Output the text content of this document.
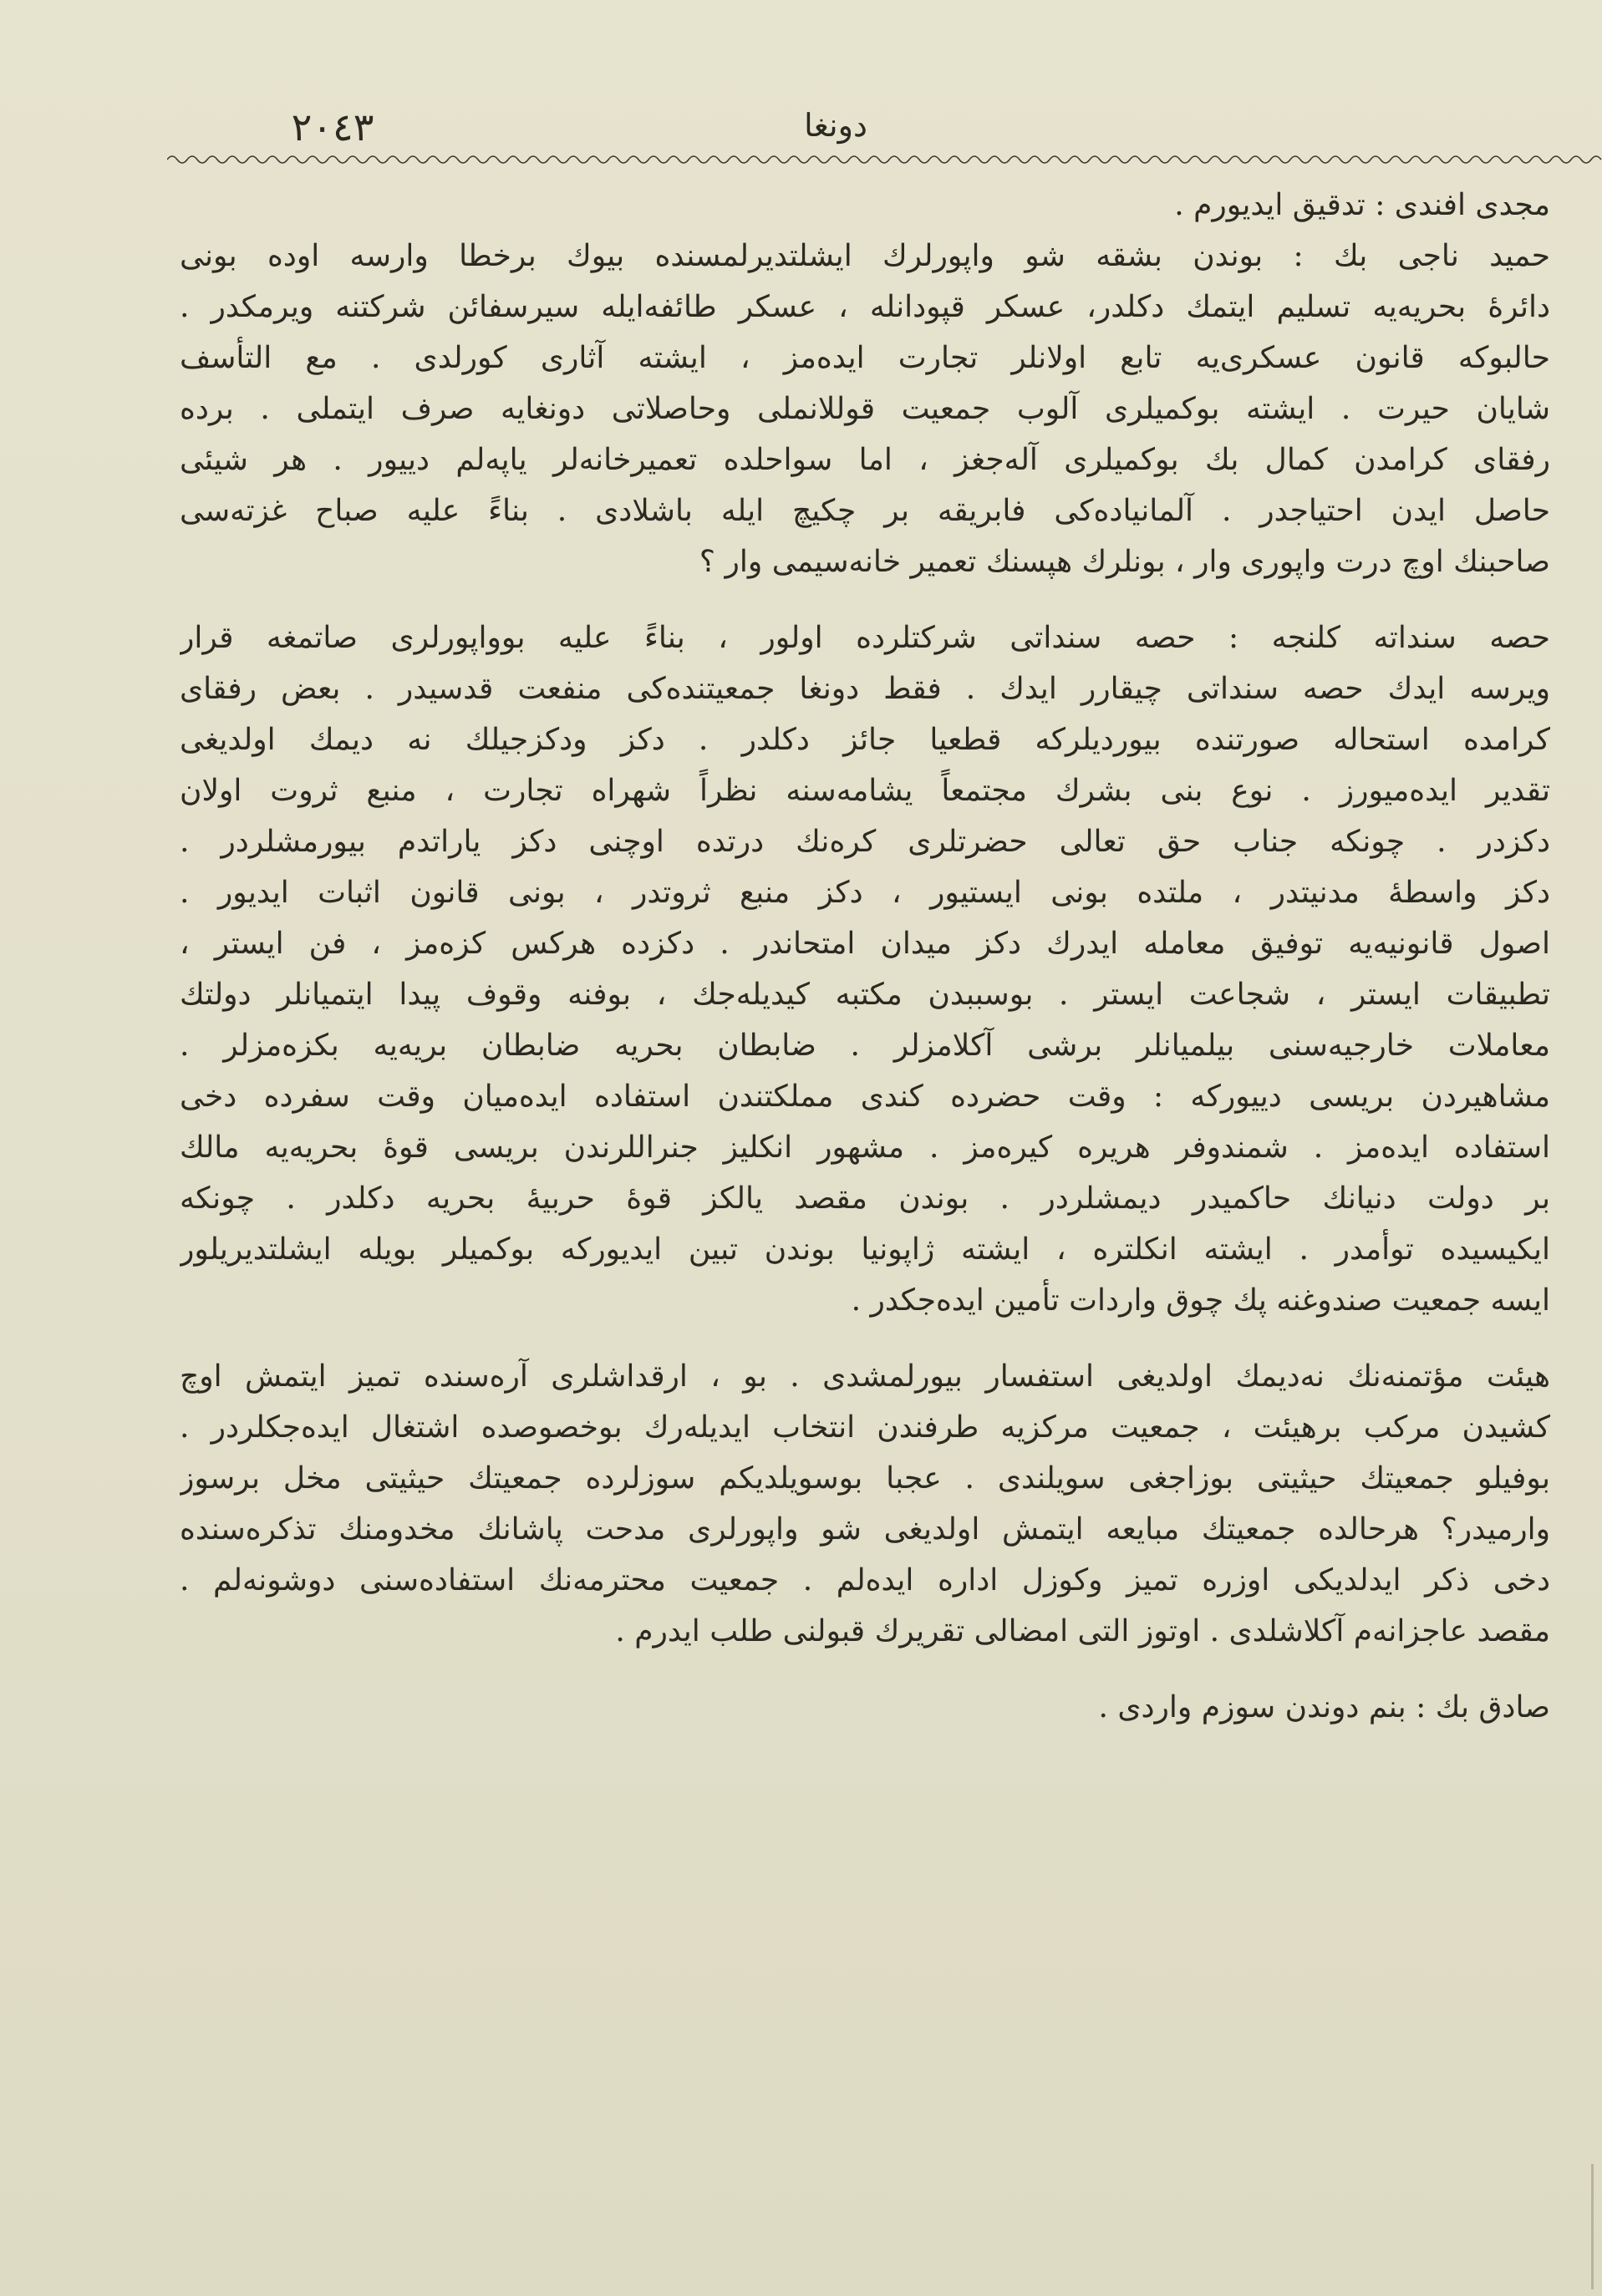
٢٠٤٣	دونغا
مجدی افندی : تدقیق ایدیورم .
حمید ناجی بك : بوندن بشقه شو واپورلرك ایشلتدیرلمسنده بیوك برخطا وارسه اوده بونی
دائرهٔ بحریه‌یه تسلیم ایتمك دکلدر، عسکر قپودانله ، عسکر طائفه‌ایله سیرسفائن شرکتنه ویرمکدر .
حالبوکه قانون عسکری‌یه تابع اولانلر تجارت ایده‌مز ، ایشته آثاری کورلدی . مع التأسف
شایان حیرت . ایشته بوکمیلری آلوب جمعیت قوللانملی وحاصلاتی دونغایه صرف ایتملی . برده
رفقای کرامدن کمال بك بوکمیلری آله‌جغز ، اما سواحلده تعمیرخانه‌لر یاپه‌لم دییور . هر شیئی
حاصل ایدن احتیاجدر . آلمانیاده‌کی فابریقه بر چکیچ ایله باشلادی . بناءً علیه صباح غزته‌سی
صاحبنك اوچ درت واپوری وار ، بونلرك هپسنك تعمیر خانه‌سیمی وار ؟
حصه سنداته کلنجه : حصه سنداتی شرکتلرده اولور ، بناءً علیه بوواپورلری صاتمغه قرار
ویرسه ایدك حصه سنداتی چیقارر ایدك . فقط دونغا جمعیتنده‌کی منفعت قدسیدر . بعض رفقای
کرامده استحاله صورتنده بیوردیلرکه قطعیا جائز دکلدر . دکز ودکزجیلك نه دیمك اولدیغی
تقدیر ایده‌میورز . نوع بنی بشرك مجتمعاً یشامه‌سنه نظراً شهراه تجارت ، منبع ثروت اولان
دکزدر . چونکه جناب حق تعالی حضرتلری کره‌نك درتده اوچنی دکز یاراتدم بیورمشلردر .
دکز واسطهٔ مدنیتدر ، ملتده بونی ایستیور ، دکز منبع ثروتدر ، بونی قانون اثبات ایدیور .
اصول قانونیه‌یه توفیق معامله ایدرك دکز میدان امتحاندر . دکزده هرکس کزه‌مز ، فن ایستر ،
تطبیقات ایستر ، شجاعت ایستر . بوسببدن مکتبه کیدیله‌جك ، بوفنه وقوف پیدا ایتمیانلر دولتك
معاملات خارجیه‌سنی بیلمیانلر برشی آکلامزلر . ضابطان بحریه ضابطان بریه‌یه بکزه‌مزلر .
مشاهیردن بریسی دییورکه : وقت حضرده کندی مملکتندن استفاده ایده‌میان وقت سفرده دخی
استفاده ایده‌مز . شمندوفر هریره کیره‌مز . مشهور انکلیز جنراللرندن بریسی قوهٔ بحریه‌یه مالك
بر دولت دنیانك حاکمیدر دیمشلردر . بوندن مقصد یالکز قوهٔ حربیهٔ بحریه دکلدر . چونکه
ایکیسیده توأمدر . ایشته انکلتره ، ایشته ژاپونیا بوندن تبین ایدیورکه بوکمیلر بویله ایشلتدیریلور
ایسه جمعیت صندوغنه پك چوق واردات تأمین ایده‌جکدر .
هیئت مؤتمنه‌نك نه‌دیمك اولدیغی استفسار بیورلمشدی . بو ، ارقداشلری آره‌سنده تمیز ایتمش اوچ
کشیدن مرکب برهیئت ، جمعیت مرکزیه طرفندن انتخاب ایدیله‌رك بوخصوصده اشتغال ایده‌جکلردر .
بوفیلو جمعیتك حیثیتی بوزاجغی سویلندی . عجبا بوسویلدیکم سوزلرده جمعیتك حیثیتی مخل برسوز
وارمیدر؟ هرحالده جمعیتك مبایعه ایتمش اولدیغی شو واپورلری مدحت پاشانك مخدومنك تذکره‌سنده
دخی ذکر ایدلدیکی اوزره تمیز وکوزل اداره ایده‌لم . جمعیت محترمه‌نك استفاده‌سنی دوشونه‌لم .
مقصد عاجزانه‌م آکلاشلدی . اوتوز التی امضالی تقریرك قبولنی طلب ایدرم .
صادق بك : بنم دوندن سوزم واردی .
